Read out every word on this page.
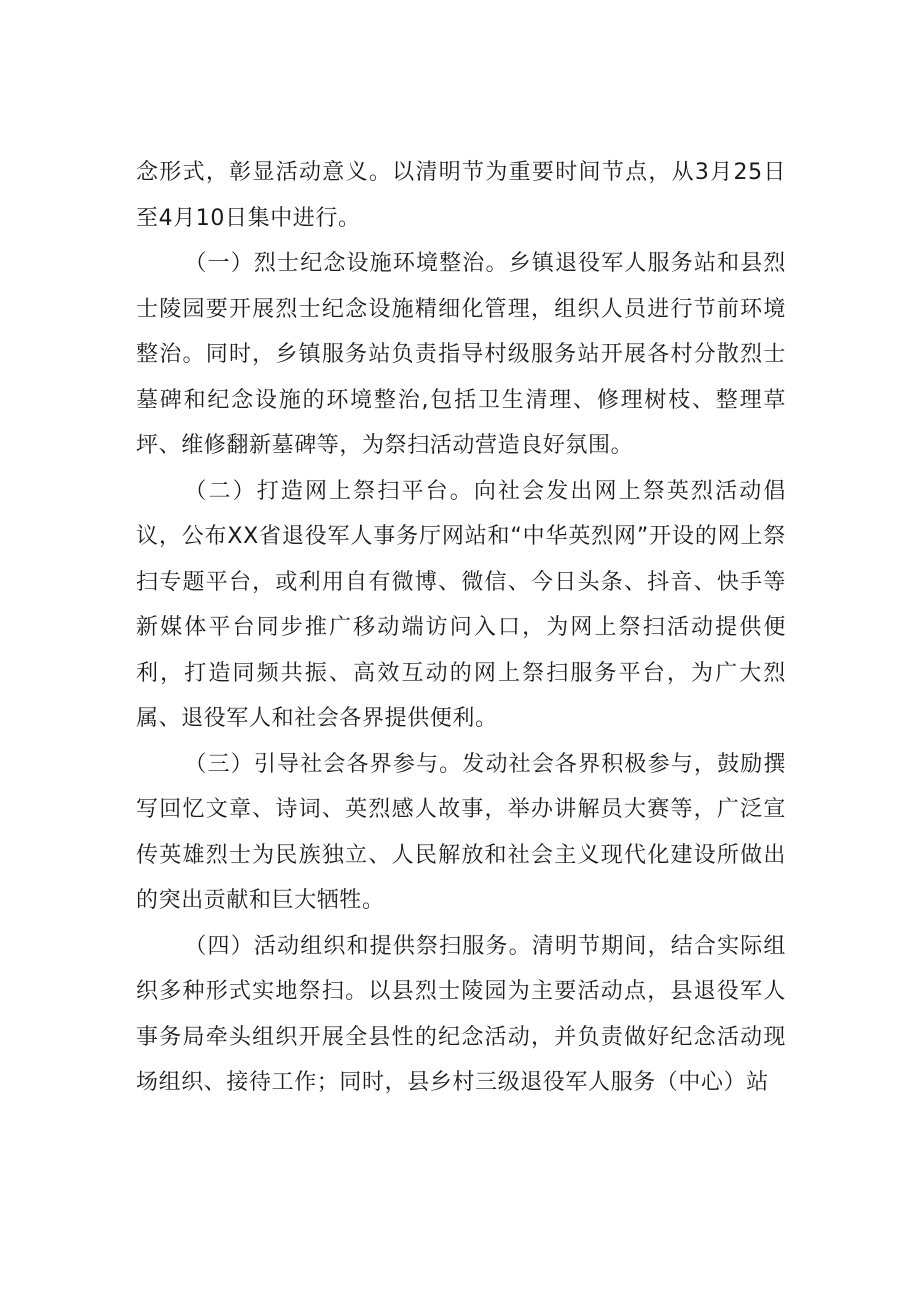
念形式，彰显活动意义。以清明节为重要时间节点，从3月25日至4月10日集中进行。

（一）烈士纪念设施环境整治。乡镇退役军人服务站和县烈士陵园要开展烈士纪念设施精细化管理，组织人员进行节前环境整治。同时，乡镇服务站负责指导村级服务站开展各村分散烈士墓碑和纪念设施的环境整治,包括卫生清理、修理树枝、整理草坪、维修翻新墓碑等，为祭扫活动营造良好氛围。

（二）打造网上祭扫平台。向社会发出网上祭英烈活动倡议，公布XX省退役军人事务厅网站和“中华英烈网”开设的网上祭扫专题平台，或利用自有微博、微信、今日头条、抖音、快手等新媒体平台同步推广移动端访问入口，为网上祭扫活动提供便利，打造同频共振、高效互动的网上祭扫服务平台，为广大烈属、退役军人和社会各界提供便利。

（三）引导社会各界参与。发动社会各界积极参与，鼓励撰写回忆文章、诗词、英烈感人故事，举办讲解员大赛等，广泛宣传英雄烈士为民族独立、人民解放和社会主义现代化建设所做出的突出贡献和巨大牺牲。

（四）活动组织和提供祭扫服务。清明节期间，结合实际组织多种形式实地祭扫。以县烈士陵园为主要活动点，县退役军人事务局牵头组织开展全县性的纪念活动，并负责做好纪念活动现场组织、接待工作；同时，县乡村三级退役军人服务（中心）站
